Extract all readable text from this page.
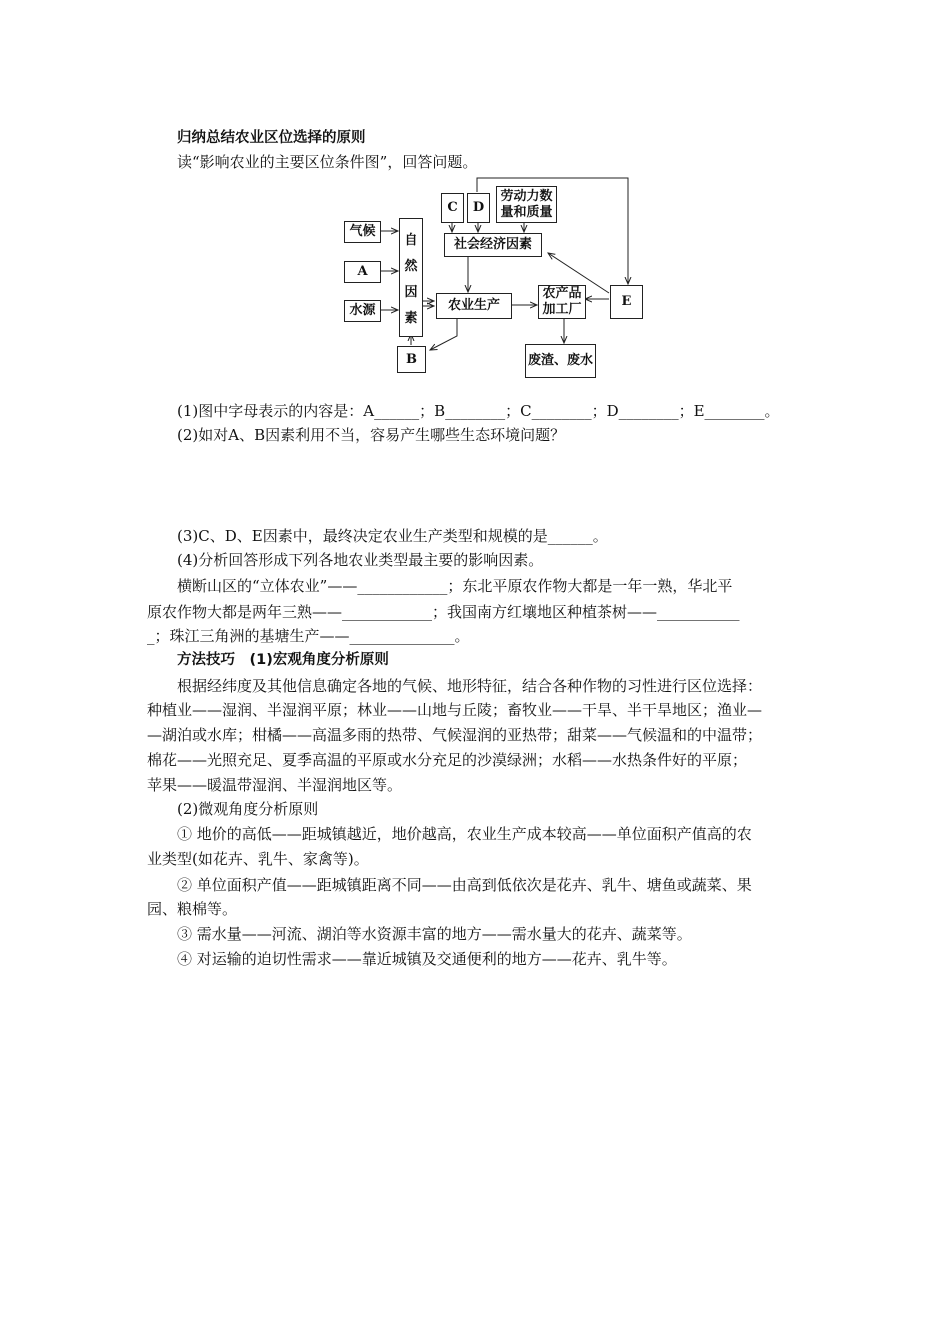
归纳总结农业区位选择的原则
读“影响农业的主要区位条件图”，回答问题。
气候
A
水源
自
然
因
素
B
C D
劳动力数
量和质量
社会经济因素
农业生产
农产品
加工厂
E
废渣、废水
(1)图中字母表示的内容是：A______；B________；C________；D________；E________。
(2)如对A、B因素利用不当，容易产生哪些生态环境问题？
(3)C、D、E因素中，最终决定农业生产类型和规模的是______。
(4)分析回答形成下列各地农业类型最主要的影响因素。
横断山区的“立体农业”——____________；东北平原农作物大都是一年一熟，华北平
原农作物大都是两年三熟——____________；我国南方红壤地区种植茶树——___________
_；珠江三角洲的基塘生产——______________。
方法技巧　(1)宏观角度分析原则
根据经纬度及其他信息确定各地的气候、地形特征，结合各种作物的习性进行区位选择：
种植业——湿润、半湿润平原；林业——山地与丘陵；畜牧业——干旱、半干旱地区；渔业—
—湖泊或水库；柑橘——高温多雨的热带、气候湿润的亚热带；甜菜——气候温和的中温带；
棉花——光照充足、夏季高温的平原或水分充足的沙漠绿洲；水稻——水热条件好的平原；
苹果——暖温带湿润、半湿润地区等。
(2)微观角度分析原则
① 地价的高低——距城镇越近，地价越高，农业生产成本较高——单位面积产值高的农
业类型(如花卉、乳牛、家禽等)。
② 单位面积产值——距城镇距离不同——由高到低依次是花卉、乳牛、塘鱼或蔬菜、果
园、粮棉等。
③ 需水量——河流、湖泊等水资源丰富的地方——需水量大的花卉、蔬菜等。
④ 对运输的迫切性需求——靠近城镇及交通便利的地方——花卉、乳牛等。
